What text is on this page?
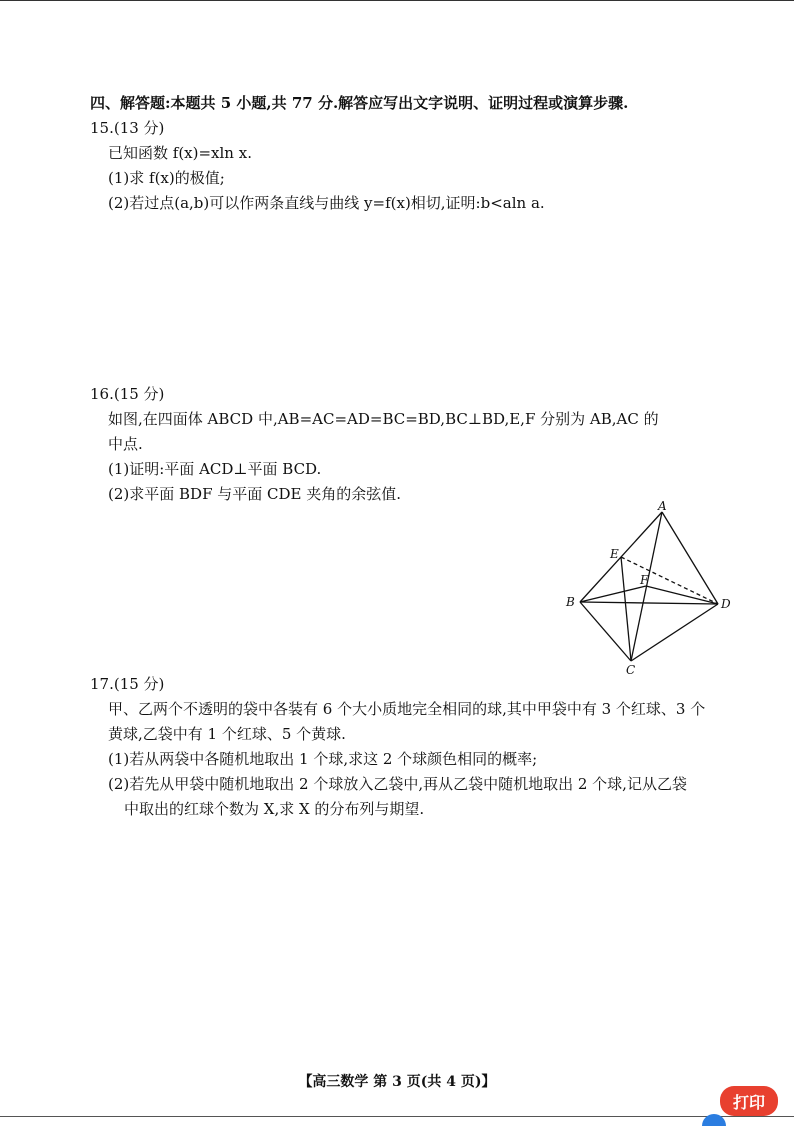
四、解答题:本题共 5 小题,共 77 分.解答应写出文字说明、证明过程或演算步骤.
15.(13 分)
已知函数 f(x)=xln x.
(1)求 f(x)的极值;
(2)若过点(a,b)可以作两条直线与曲线 y=f(x)相切,证明:b<aln a.
16.(15 分)
如图,在四面体 ABCD 中,AB=AC=AD=BC=BD,BC⊥BD,E,F 分别为 AB,AC 的
中点.
(1)证明:平面 ACD⊥平面 BCD.
(2)求平面 BDF 与平面 CDE 夹角的余弦值.
A
B
C
D
E
F
17.(15 分)
甲、乙两个不透明的袋中各装有 6 个大小质地完全相同的球,其中甲袋中有 3 个红球、3 个
黄球,乙袋中有 1 个红球、5 个黄球.
(1)若从两袋中各随机地取出 1 个球,求这 2 个球颜色相同的概率;
(2)若先从甲袋中随机地取出 2 个球放入乙袋中,再从乙袋中随机地取出 2 个球,记从乙袋
中取出的红球个数为 X,求 X 的分布列与期望.
【高三数学 第 3 页(共 4 页)】
打印
